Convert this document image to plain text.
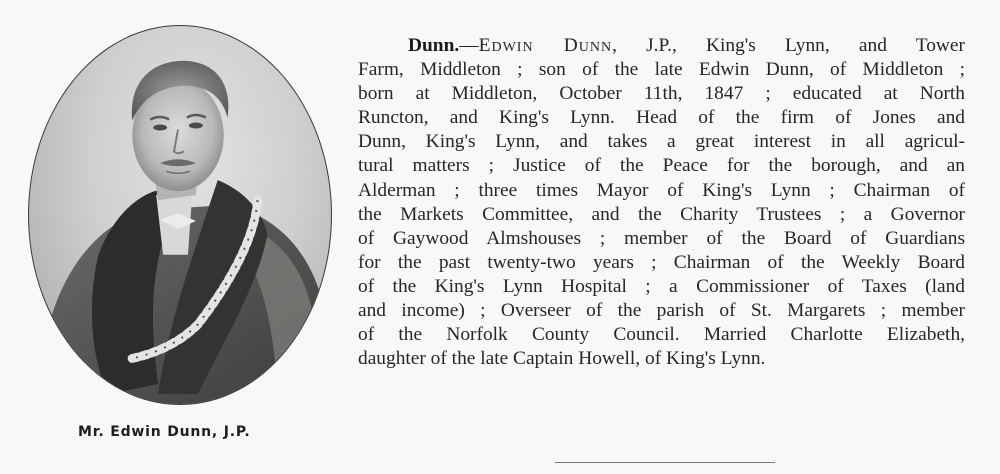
Mr. Edwin Dunn, J.P.
Dunn.—Edwin Dunn, J.P., King's Lynn, and Tower
Farm, Middleton ; son of the late Edwin Dunn, of Middleton ;
born at Middleton, October 11th, 1847 ; educated at North
Runcton, and King's Lynn. Head of the firm of Jones and
Dunn, King's Lynn, and takes a great interest in all agricul-
tural matters ; Justice of the Peace for the borough, and an
Alderman ; three times Mayor of King's Lynn ; Chairman of
the Markets Committee, and the Charity Trustees ; a Governor
of Gaywood Almshouses ; member of the Board of Guardians
for the past twenty-two years ; Chairman of the Weekly Board
of the King's Lynn Hospital ; a Commissioner of Taxes (land
and income) ; Overseer of the parish of St. Margarets ; member
of the Norfolk County Council. Married Charlotte Elizabeth,
daughter of the late Captain Howell, of King's Lynn.
